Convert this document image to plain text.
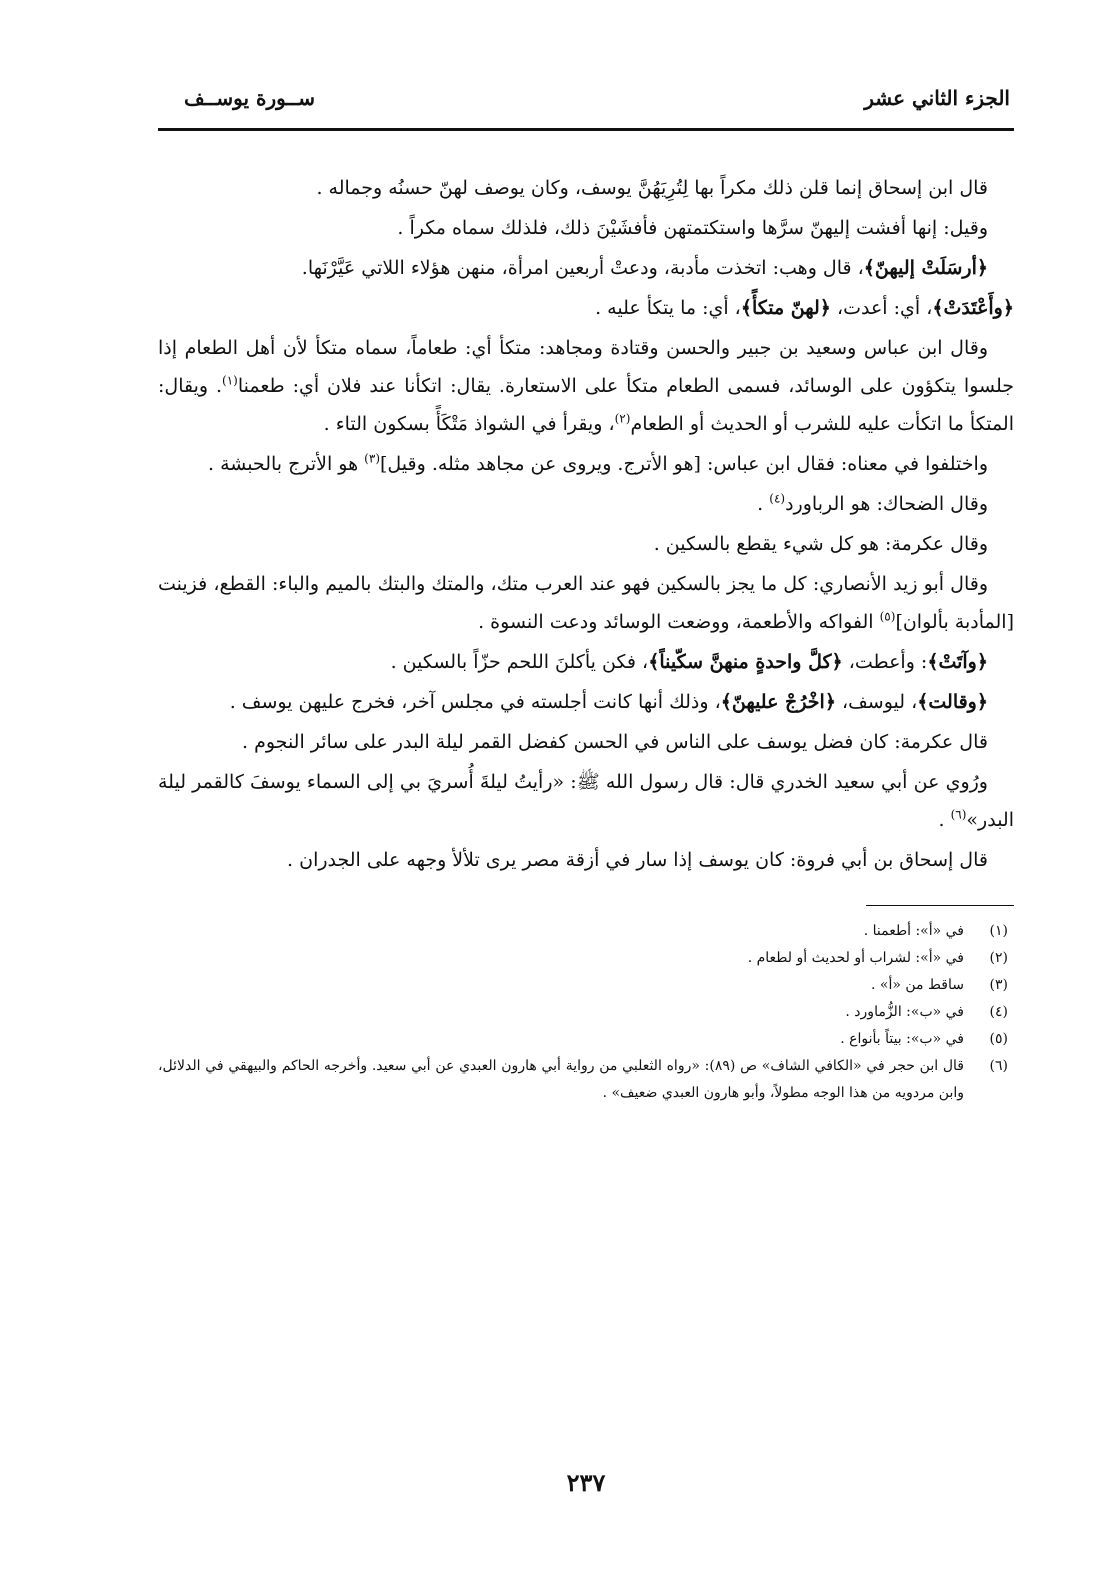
الجزء الثاني عشر
ســورة يوســف

قال ابن إسحاق إنما قلن ذلك مكراً بها لِتُرِيَهُنَّ يوسف، وكان يوصف لهنّ حسنُه وجماله .

وقيل: إنها أفشت إليهنّ سرَّها واستكتمتهن فأفشَيْنَ ذلك، فلذلك سماه مكراً .

﴿أرسَلَتْ إليهنّ﴾، قال وهب: اتخذت مأدبة، ودعتْ أربعين امرأة، منهن هؤلاء اللاتي عَيَّرْنَها.

﴿وأَعْتَدَتْ﴾، أي: أعدت، ﴿لهنّ متكأً﴾، أي: ما يتكأ عليه .

وقال ابن عباس وسعيد بن جبير والحسن وقتادة ومجاهد: متكأ أي: طعاماً، سماه متكأ لأن أهل الطعام إذا جلسوا يتكؤون على الوسائد، فسمى الطعام متكأ على الاستعارة. يقال: اتكأنا عند فلان أي: طعمنا$^{(١)}$. ويقال: المتكأ ما اتكأت عليه للشرب أو الحديث أو الطعام$^{(٢)}$، ويقرأ في الشواذ مَتْكَأً بسكون التاء .

واختلفوا في معناه: فقال ابن عباس: [هو الأترج. ويروى عن مجاهد مثله. وقيل]$^{(٣)}$ هو الأترج بالحبشة .

وقال الضحاك: هو الرباورد$^{(٤)}$ .

وقال عكرمة: هو كل شيء يقطع بالسكين .

وقال أبو زيد الأنصاري: كل ما يجز بالسكين فهو عند العرب متك، والمتك والبتك بالميم والباء: القطع، فزينت [المأدبة بألوان]$^{(٥)}$ الفواكه والأطعمة، ووضعت الوسائد ودعت النسوة .

﴿وآتَتْ﴾: وأعطت، ﴿كلَّ واحدةٍ منهنَّ سكّيناً﴾، فكن يأكلنَ اللحم حزّاً بالسكين .

﴿وقالت﴾، ليوسف، ﴿اخْرُجْ عليهنّ﴾، وذلك أنها كانت أجلسته في مجلس آخر، فخرج عليهن يوسف .

قال عكرمة: كان فضل يوسف على الناس في الحسن كفضل القمر ليلة البدر على سائر النجوم .

ورُوي عن أبي سعيد الخدري قال: قال رسول الله ﷺ: «رأيتُ ليلةَ أُسريَ بي إلى السماء يوسفَ كالقمر ليلة البدر»$^{(٦)}$ .

قال إسحاق بن أبي فروة: كان يوسف إذا سار في أزقة مصر يرى تلألأ وجهه على الجدران .

(١)
في «أ»: أطعمنا .
(٢)
في «أ»: لشراب أو لحديث أو لطعام .
(٣)
ساقط من «أ» .
(٤)
في «ب»: الزُّماورد .
(٥)
في «ب»: بيتاً بأنواع .
(٦)
قال ابن حجر في «الكافي الشاف» ص (٨٩): «رواه الثعلبي من رواية أبي هارون العبدي عن أبي سعيد. وأخرجه الحاكم والبيهقي في الدلائل، وابن مردويه من هذا الوجه مطولاً، وأبو هارون العبدي ضعيف» .
٢٣٧
